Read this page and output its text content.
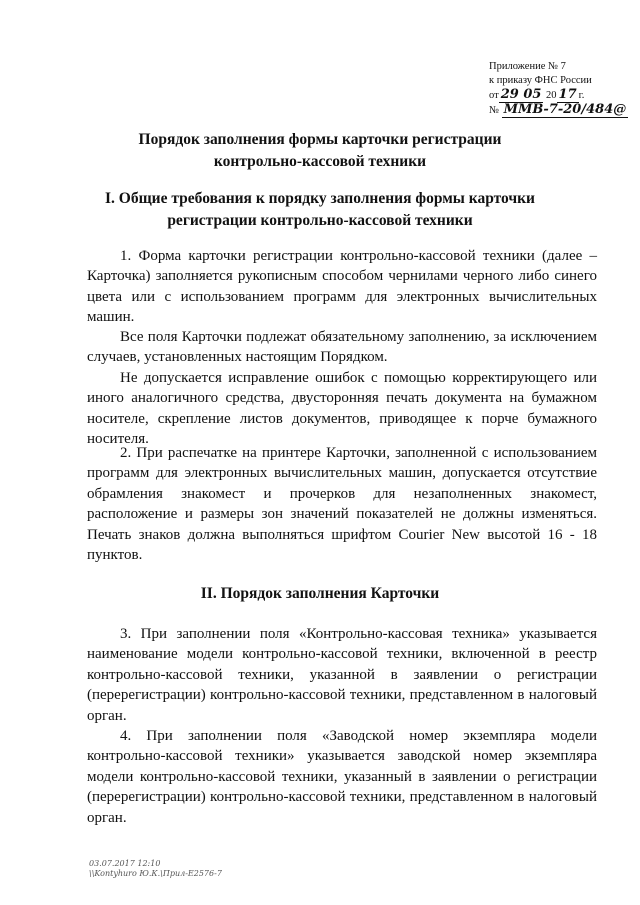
Приложение № 7
к приказу ФНС России
от 29 05 20 17 г.
№ ММВ-7-20/484@
Порядок заполнения формы карточки регистрации контрольно-кассовой техники
I. Общие требования к порядку заполнения формы карточки регистрации контрольно-кассовой техники

1. Форма карточки регистрации контрольно-кассовой техники (далее – Карточка) заполняется рукописным способом чернилами черного либо синего цвета или с использованием программ для электронных вычислительных машин.

Все поля Карточки подлежат обязательному заполнению, за исключением случаев, установленных настоящим Порядком.

Не допускается исправление ошибок с помощью корректирующего или иного аналогичного средства, двусторонняя печать документа на бумажном носителе, скрепление листов документов, приводящее к порче бумажного носителя.

2. При распечатке на принтере Карточки, заполненной с использованием программ для электронных вычислительных машин, допускается отсутствие обрамления знакомест и прочерков для незаполненных знакомест, расположение и размеры зон значений показателей не должны изменяться. Печать знаков должна выполняться шрифтом Courier New высотой 16 - 18 пунктов.

II. Порядок заполнения Карточки

3. При заполнении поля «Контрольно-кассовая техника» указывается наименование модели контрольно-кассовой техники, включенной в реестр контрольно-кассовой техники, указанной в заявлении о регистрации (перерегистрации) контрольно-кассовой техники, представленном в налоговый орган.

4. При заполнении поля «Заводской номер экземпляра модели контрольно-кассовой техники» указывается заводской номер экземпляра модели контрольно-кассовой техники, указанный в заявлении о регистрации (перерегистрации) контрольно-кассовой техники, представленном в налоговый орган.

03.07.2017 12:10
\\Kontyhuro Ю.К.\Прил-E2576-7
